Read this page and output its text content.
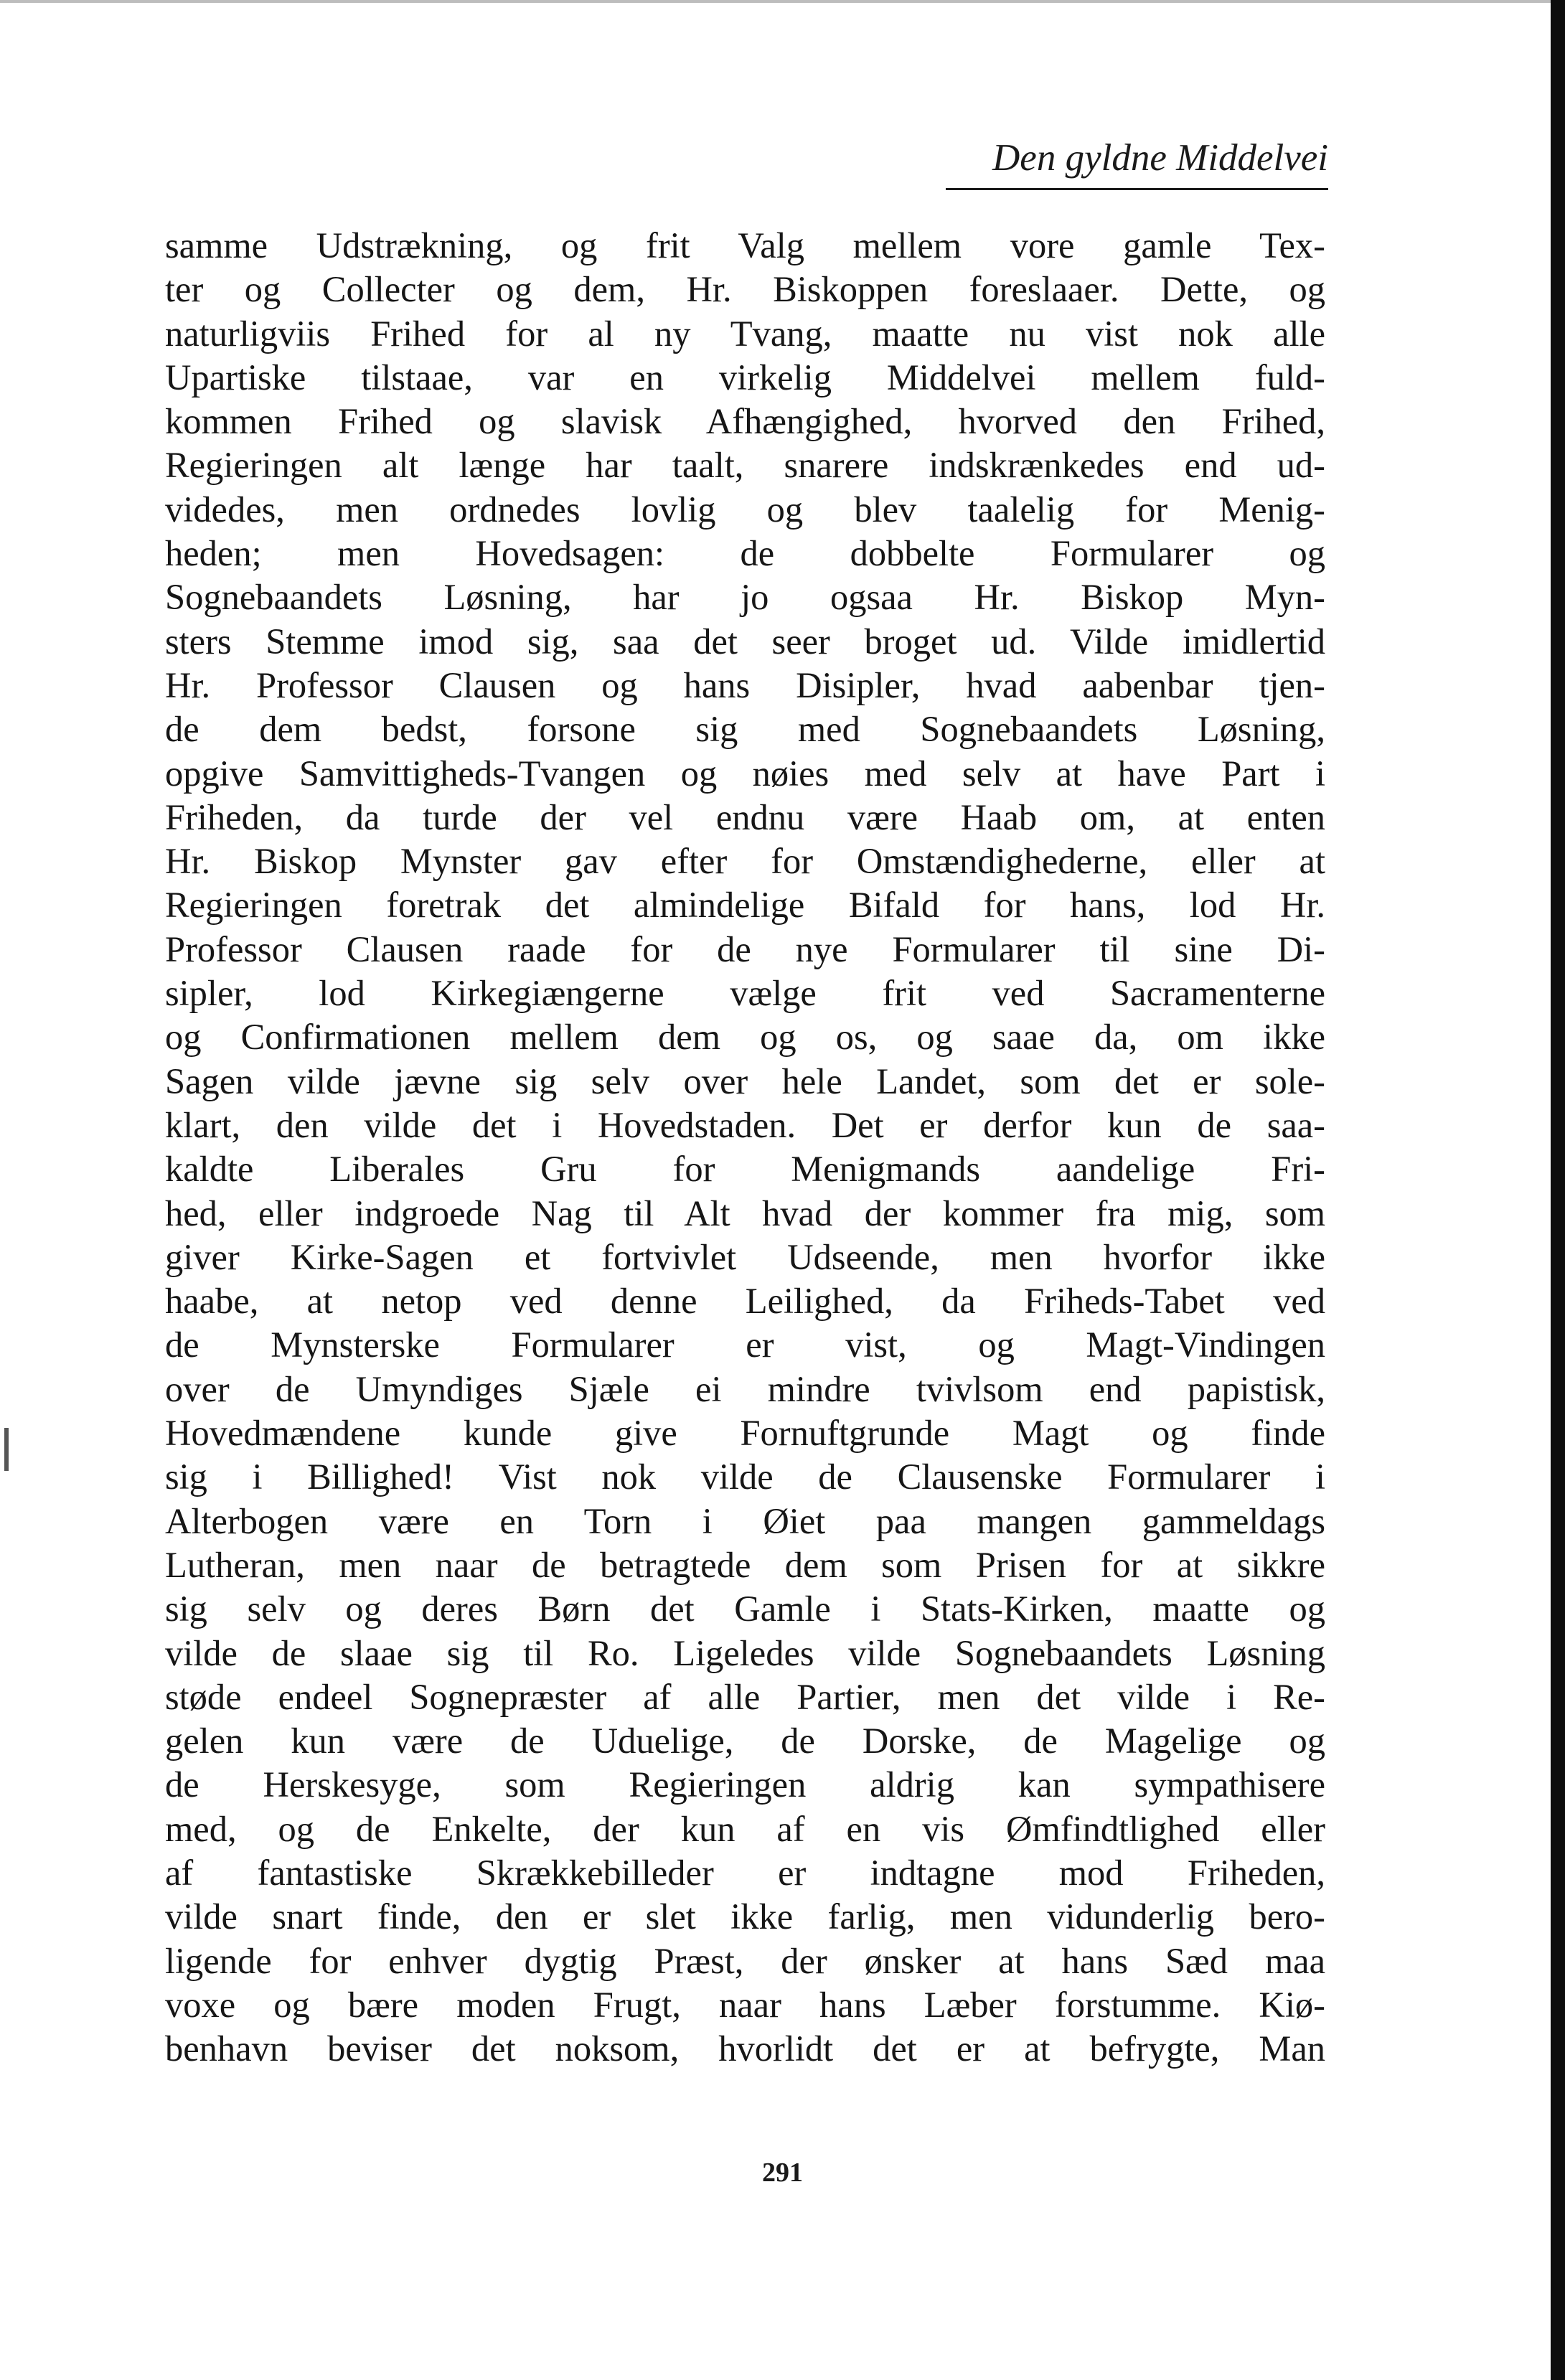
Den gyldne Middelvei
samme Udstrækning, og frit Valg mellem vore gamle Tex-
ter og Collecter og dem, Hr. Biskoppen foreslaaer. Dette, og
naturligviis Frihed for al ny Tvang, maatte nu vist nok alle
Upartiske tilstaae, var en virkelig Middelvei mellem fuld-
kommen Frihed og slavisk Afhængighed, hvorved den Frihed,
Regieringen alt længe har taalt, snarere indskrænkedes end ud-
videdes, men ordnedes lovlig og blev taalelig for Menig-
heden; men Hovedsagen: de dobbelte Formularer og
Sognebaandets Løsning, har jo ogsaa Hr. Biskop Myn-
sters Stemme imod sig, saa det seer broget ud. Vilde imidlertid
Hr. Professor Clausen og hans Disipler, hvad aabenbar tjen-
de dem bedst, forsone sig med Sognebaandets Løsning,
opgive Samvittigheds-Tvangen og nøies med selv at have Part i
Friheden, da turde der vel endnu være Haab om, at enten
Hr. Biskop Mynster gav efter for Omstændighederne, eller at
Regieringen foretrak det almindelige Bifald for hans, lod Hr.
Professor Clausen raade for de nye Formularer til sine Di-
sipler, lod Kirkegiængerne vælge frit ved Sacramenterne
og Confirmationen mellem dem og os, og saae da, om ikke
Sagen vilde jævne sig selv over hele Landet, som det er sole-
klart, den vilde det i Hovedstaden. Det er derfor kun de saa-
kaldte Liberales Gru for Menigmands aandelige Fri-
hed, eller indgroede Nag til Alt hvad der kommer fra mig, som
giver Kirke-Sagen et fortvivlet Udseende, men hvorfor ikke
haabe, at netop ved denne Leilighed, da Friheds-Tabet ved
de Mynsterske Formularer er vist, og Magt-Vindingen
over de Umyndiges Sjæle ei mindre tvivlsom end papistisk,
Hovedmændene kunde give Fornuftgrunde Magt og finde
sig i Billighed! Vist nok vilde de Clausenske Formularer i
Alterbogen være en Torn i Øiet paa mangen gammeldags
Lutheran, men naar de betragtede dem som Prisen for at sikkre
sig selv og deres Børn det Gamle i Stats-Kirken, maatte og
vilde de slaae sig til Ro. Ligeledes vilde Sognebaandets Løsning
støde endeel Sognepræster af alle Partier, men det vilde i Re-
gelen kun være de Uduelige, de Dorske, de Magelige og
de Herskesyge, som Regieringen aldrig kan sympathisere
med, og de Enkelte, der kun af en vis Ømfindtlighed eller
af fantastiske Skrækkebilleder er indtagne mod Friheden,
vilde snart finde, den er slet ikke farlig, men vidunderlig bero-
ligende for enhver dygtig Præst, der ønsker at hans Sæd maa
voxe og bære moden Frugt, naar hans Læber forstumme. Kiø-
benhavn beviser det noksom, hvorlidt det er at befrygte, Man
291
